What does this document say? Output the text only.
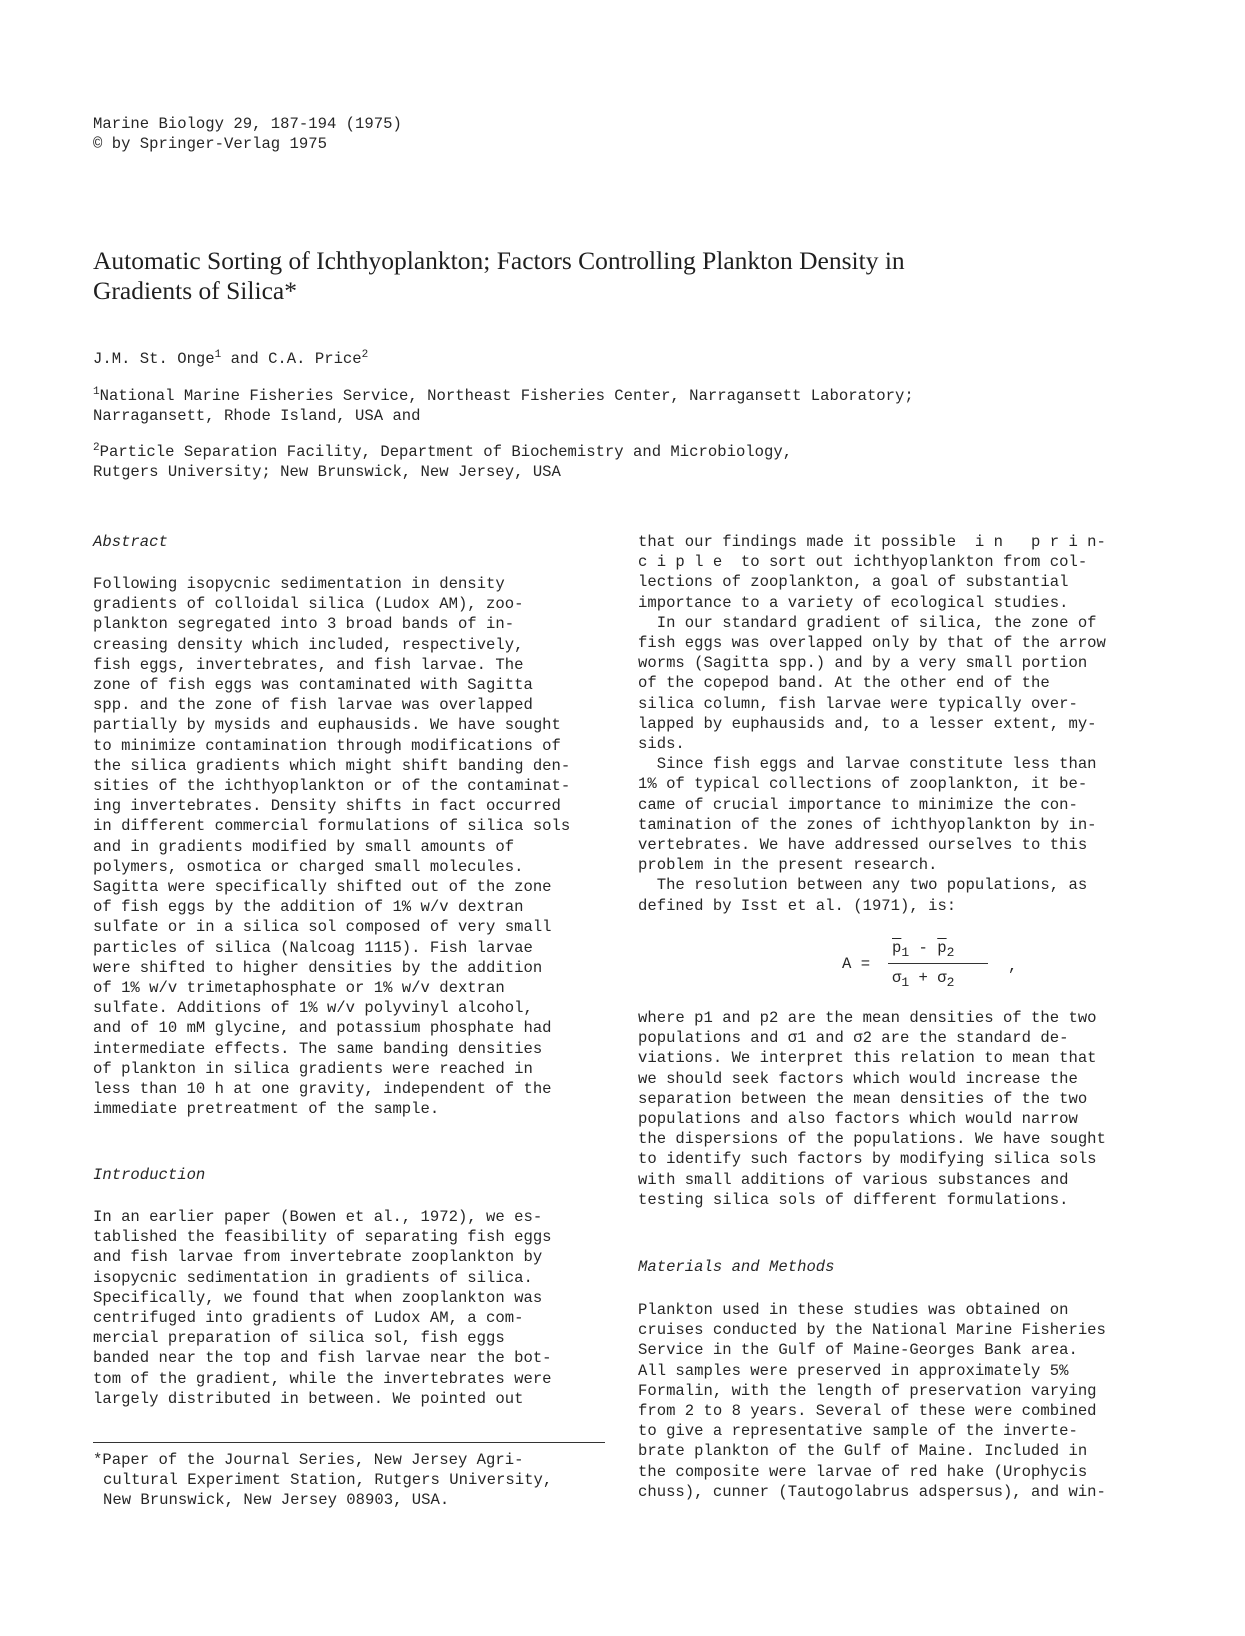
Marine Biology 29, 187-194 (1975)
© by Springer-Verlag 1975
Automatic Sorting of Ichthyoplankton; Factors Controlling Plankton Density in
Gradients of Silica*
J.M. St. Onge$^1$ and C.A. Price$^2$
$^1$National Marine Fisheries Service, Northeast Fisheries Center, Narragansett Laboratory;
Narragansett, Rhode Island, USA and
$^2$Particle Separation Facility, Department of Biochemistry and Microbiology,
Rutgers University; New Brunswick, New Jersey, USA
Abstract
Following isopycnic sedimentation in density
gradients of colloidal silica (Ludox AM), zoo-
plankton segregated into 3 broad bands of in-
creasing density which included, respectively,
fish eggs, invertebrates, and fish larvae. The
zone of fish eggs was contaminated with Sagitta
spp. and the zone of fish larvae was overlapped
partially by mysids and euphausids. We have sought
to minimize contamination through modifications of
the silica gradients which might shift banding den-
sities of the ichthyoplankton or of the contaminat-
ing invertebrates. Density shifts in fact occurred
in different commercial formulations of silica sols
and in gradients modified by small amounts of
polymers, osmotica or charged small molecules.
Sagitta were specifically shifted out of the zone
of fish eggs by the addition of 1% w/v dextran
sulfate or in a silica sol composed of very small
particles of silica (Nalcoag 1115). Fish larvae
were shifted to higher densities by the addition
of 1% w/v trimetaphosphate or 1% w/v dextran
sulfate. Additions of 1% w/v polyvinyl alcohol,
and of 10 mM glycine, and potassium phosphate had
intermediate effects. The same banding densities
of plankton in silica gradients were reached in
less than 10 h at one gravity, independent of the
immediate pretreatment of the sample.
Introduction
In an earlier paper (Bowen et al., 1972), we es-
tablished the feasibility of separating fish eggs
and fish larvae from invertebrate zooplankton by
isopycnic sedimentation in gradients of silica.
Specifically, we found that when zooplankton was
centrifuged into gradients of Ludox AM, a com-
mercial preparation of silica sol, fish eggs
banded near the top and fish larvae near the bot-
tom of the gradient, while the invertebrates were
largely distributed in between. We pointed out
*Paper of the Journal Series, New Jersey Agri-
cultural Experiment Station, Rutgers University,
New Brunswick, New Jersey 08903, USA.
that our findings made it possible  i n   p r i n-
c i p l e  to sort out ichthyoplankton from col-
lections of zooplankton, a goal of substantial
importance to a variety of ecological studies.
In our standard gradient of silica, the zone of
fish eggs was overlapped only by that of the arrow
worms (Sagitta spp.) and by a very small portion
of the copepod band. At the other end of the
silica column, fish larvae were typically over-
lapped by euphausids and, to a lesser extent, my-
sids.
Since fish eggs and larvae constitute less than
1% of typical collections of zooplankton, it be-
came of crucial importance to minimize the con-
tamination of the zones of ichthyoplankton by in-
vertebrates. We have addressed ourselves to this
problem in the present research.
The resolution between any two populations, as
defined by Isst et al. (1971), is:
A =
$\overline{p}_1 - \overline{p}_2$
$\sigma_1 + \sigma_2$
,
where p1 and p2 are the mean densities of the two
populations and σ1 and σ2 are the standard de-
viations. We interpret this relation to mean that
we should seek factors which would increase the
separation between the mean densities of the two
populations and also factors which would narrow
the dispersions of the populations. We have sought
to identify such factors by modifying silica sols
with small additions of various substances and
testing silica sols of different formulations.
Materials and Methods
Plankton used in these studies was obtained on
cruises conducted by the National Marine Fisheries
Service in the Gulf of Maine-Georges Bank area.
All samples were preserved in approximately 5%
Formalin, with the length of preservation varying
from 2 to 8 years. Several of these were combined
to give a representative sample of the inverte-
brate plankton of the Gulf of Maine. Included in
the composite were larvae of red hake (Urophycis
chuss), cunner (Tautogolabrus adspersus), and win-
